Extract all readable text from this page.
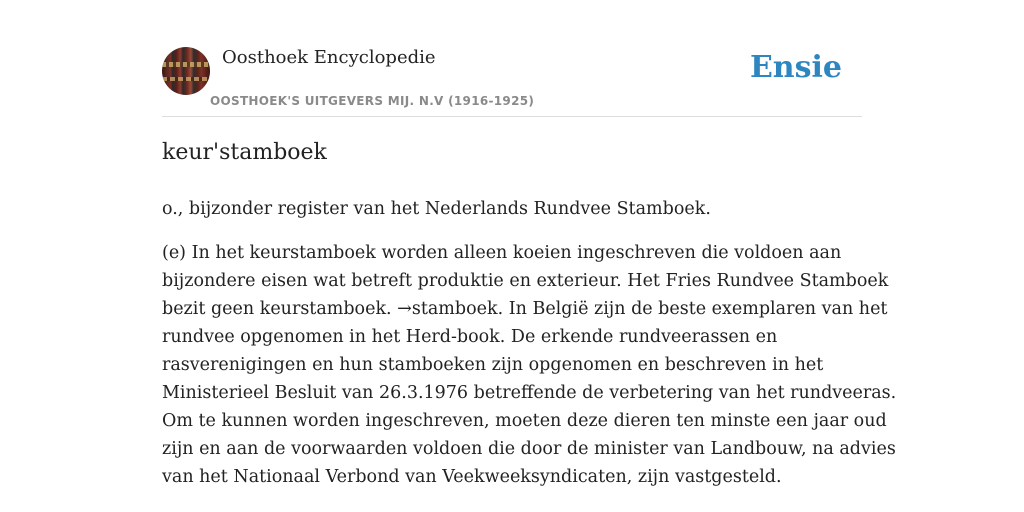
Oosthoek Encyclopedie
OOSTHOEK'S UITGEVERS MIJ. N.V (1916-1925)
Ensie
keur'stamboek

o., bijzonder register van het Nederlands Rundvee Stamboek.

(e) In het keurstamboek worden alleen koeien ingeschreven die voldoen aan
bijzondere eisen wat betreft produktie en exterieur. Het Fries Rundvee Stamboek
bezit geen keurstamboek. →stamboek. In België zijn de beste exemplaren van het
rundvee opgenomen in het Herd-book. De erkende rundveerassen en
rasverenigingen en hun stamboeken zijn opgenomen en beschreven in het
Ministerieel Besluit van 26.3.1976 betreffende de verbetering van het rundveeras.
Om te kunnen worden ingeschreven, moeten deze dieren ten minste een jaar oud
zijn en aan de voorwaarden voldoen die door de minister van Landbouw, na advies
van het Nationaal Verbond van Veekweeksyndicaten, zijn vastgesteld.
